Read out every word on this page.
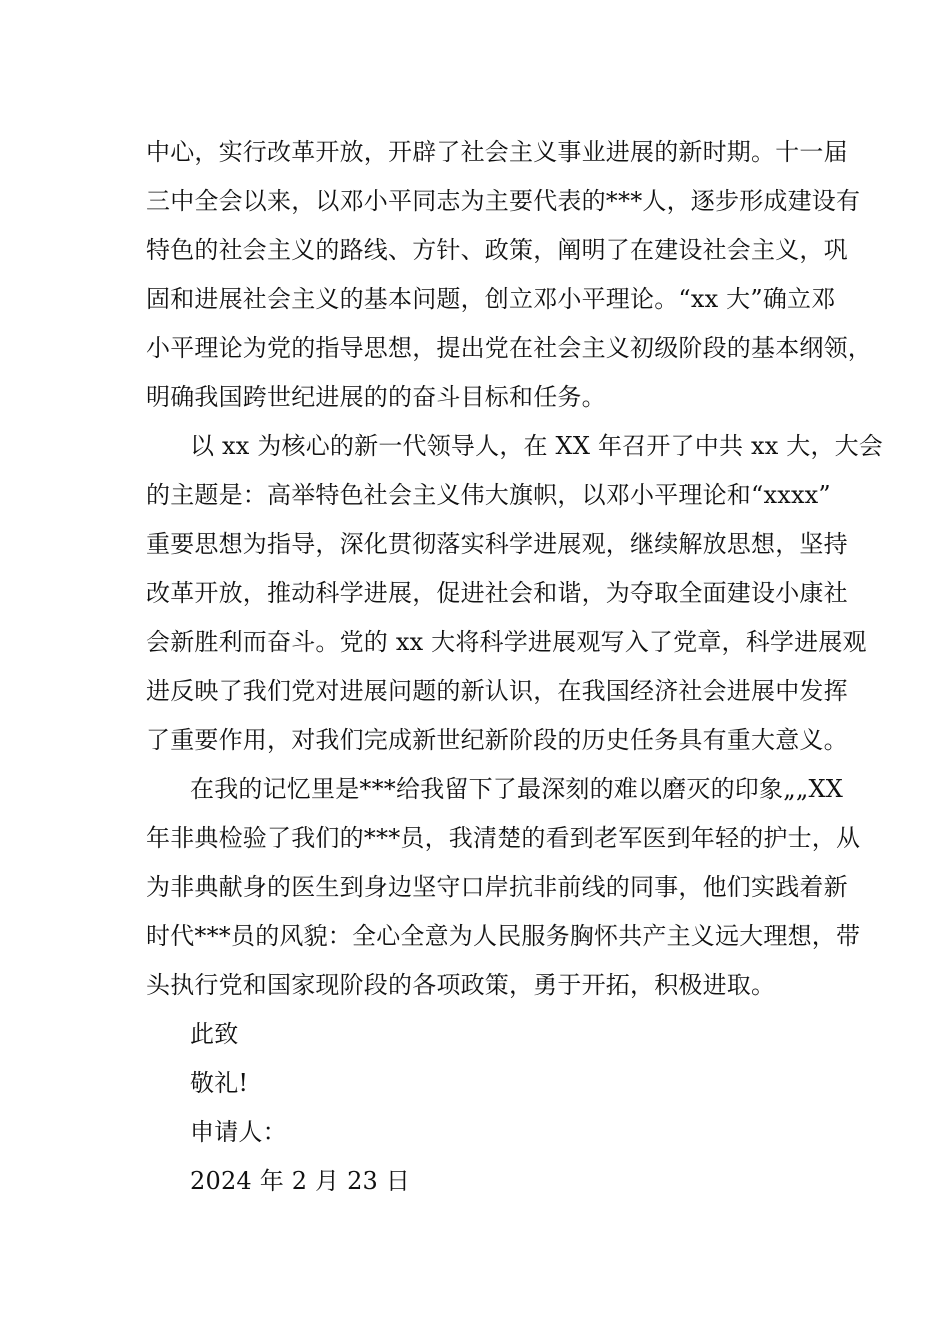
中心，实行改革开放，开辟了社会主义事业进展的新时期。十一届
三中全会以来，以邓小平同志为主要代表的***人，逐步形成建设有
特色的社会主义的路线、方针、政策，阐明了在建设社会主义，巩
固和进展社会主义的基本问题，创立邓小平理论。“xx 大”确立邓
小平理论为党的指导思想，提出党在社会主义初级阶段的基本纲领，
明确我国跨世纪进展的的奋斗目标和任务。
以 xx 为核心的新一代领导人，在 XX 年召开了中共 xx 大，大会
的主题是：高举特色社会主义伟大旗帜，以邓小平理论和“xxxx”
重要思想为指导，深化贯彻落实科学进展观，继续解放思想，坚持
改革开放，推动科学进展，促进社会和谐，为夺取全面建设小康社
会新胜利而奋斗。党的 xx 大将科学进展观写入了党章，科学进展观
进反映了我们党对进展问题的新认识，在我国经济社会进展中发挥
了重要作用，对我们完成新世纪新阶段的历史任务具有重大意义。
在我的记忆里是***给我留下了最深刻的难以磨灭的印象„„XX
年非典检验了我们的***员，我清楚的看到老军医到年轻的护士，从
为非典献身的医生到身边坚守口岸抗非前线的同事，他们实践着新
时代***员的风貌：全心全意为人民服务胸怀共产主义远大理想，带
头执行党和国家现阶段的各项政策，勇于开拓，积极进取。
此致
敬礼!
申请人：
2024 年 2 月 23 日
